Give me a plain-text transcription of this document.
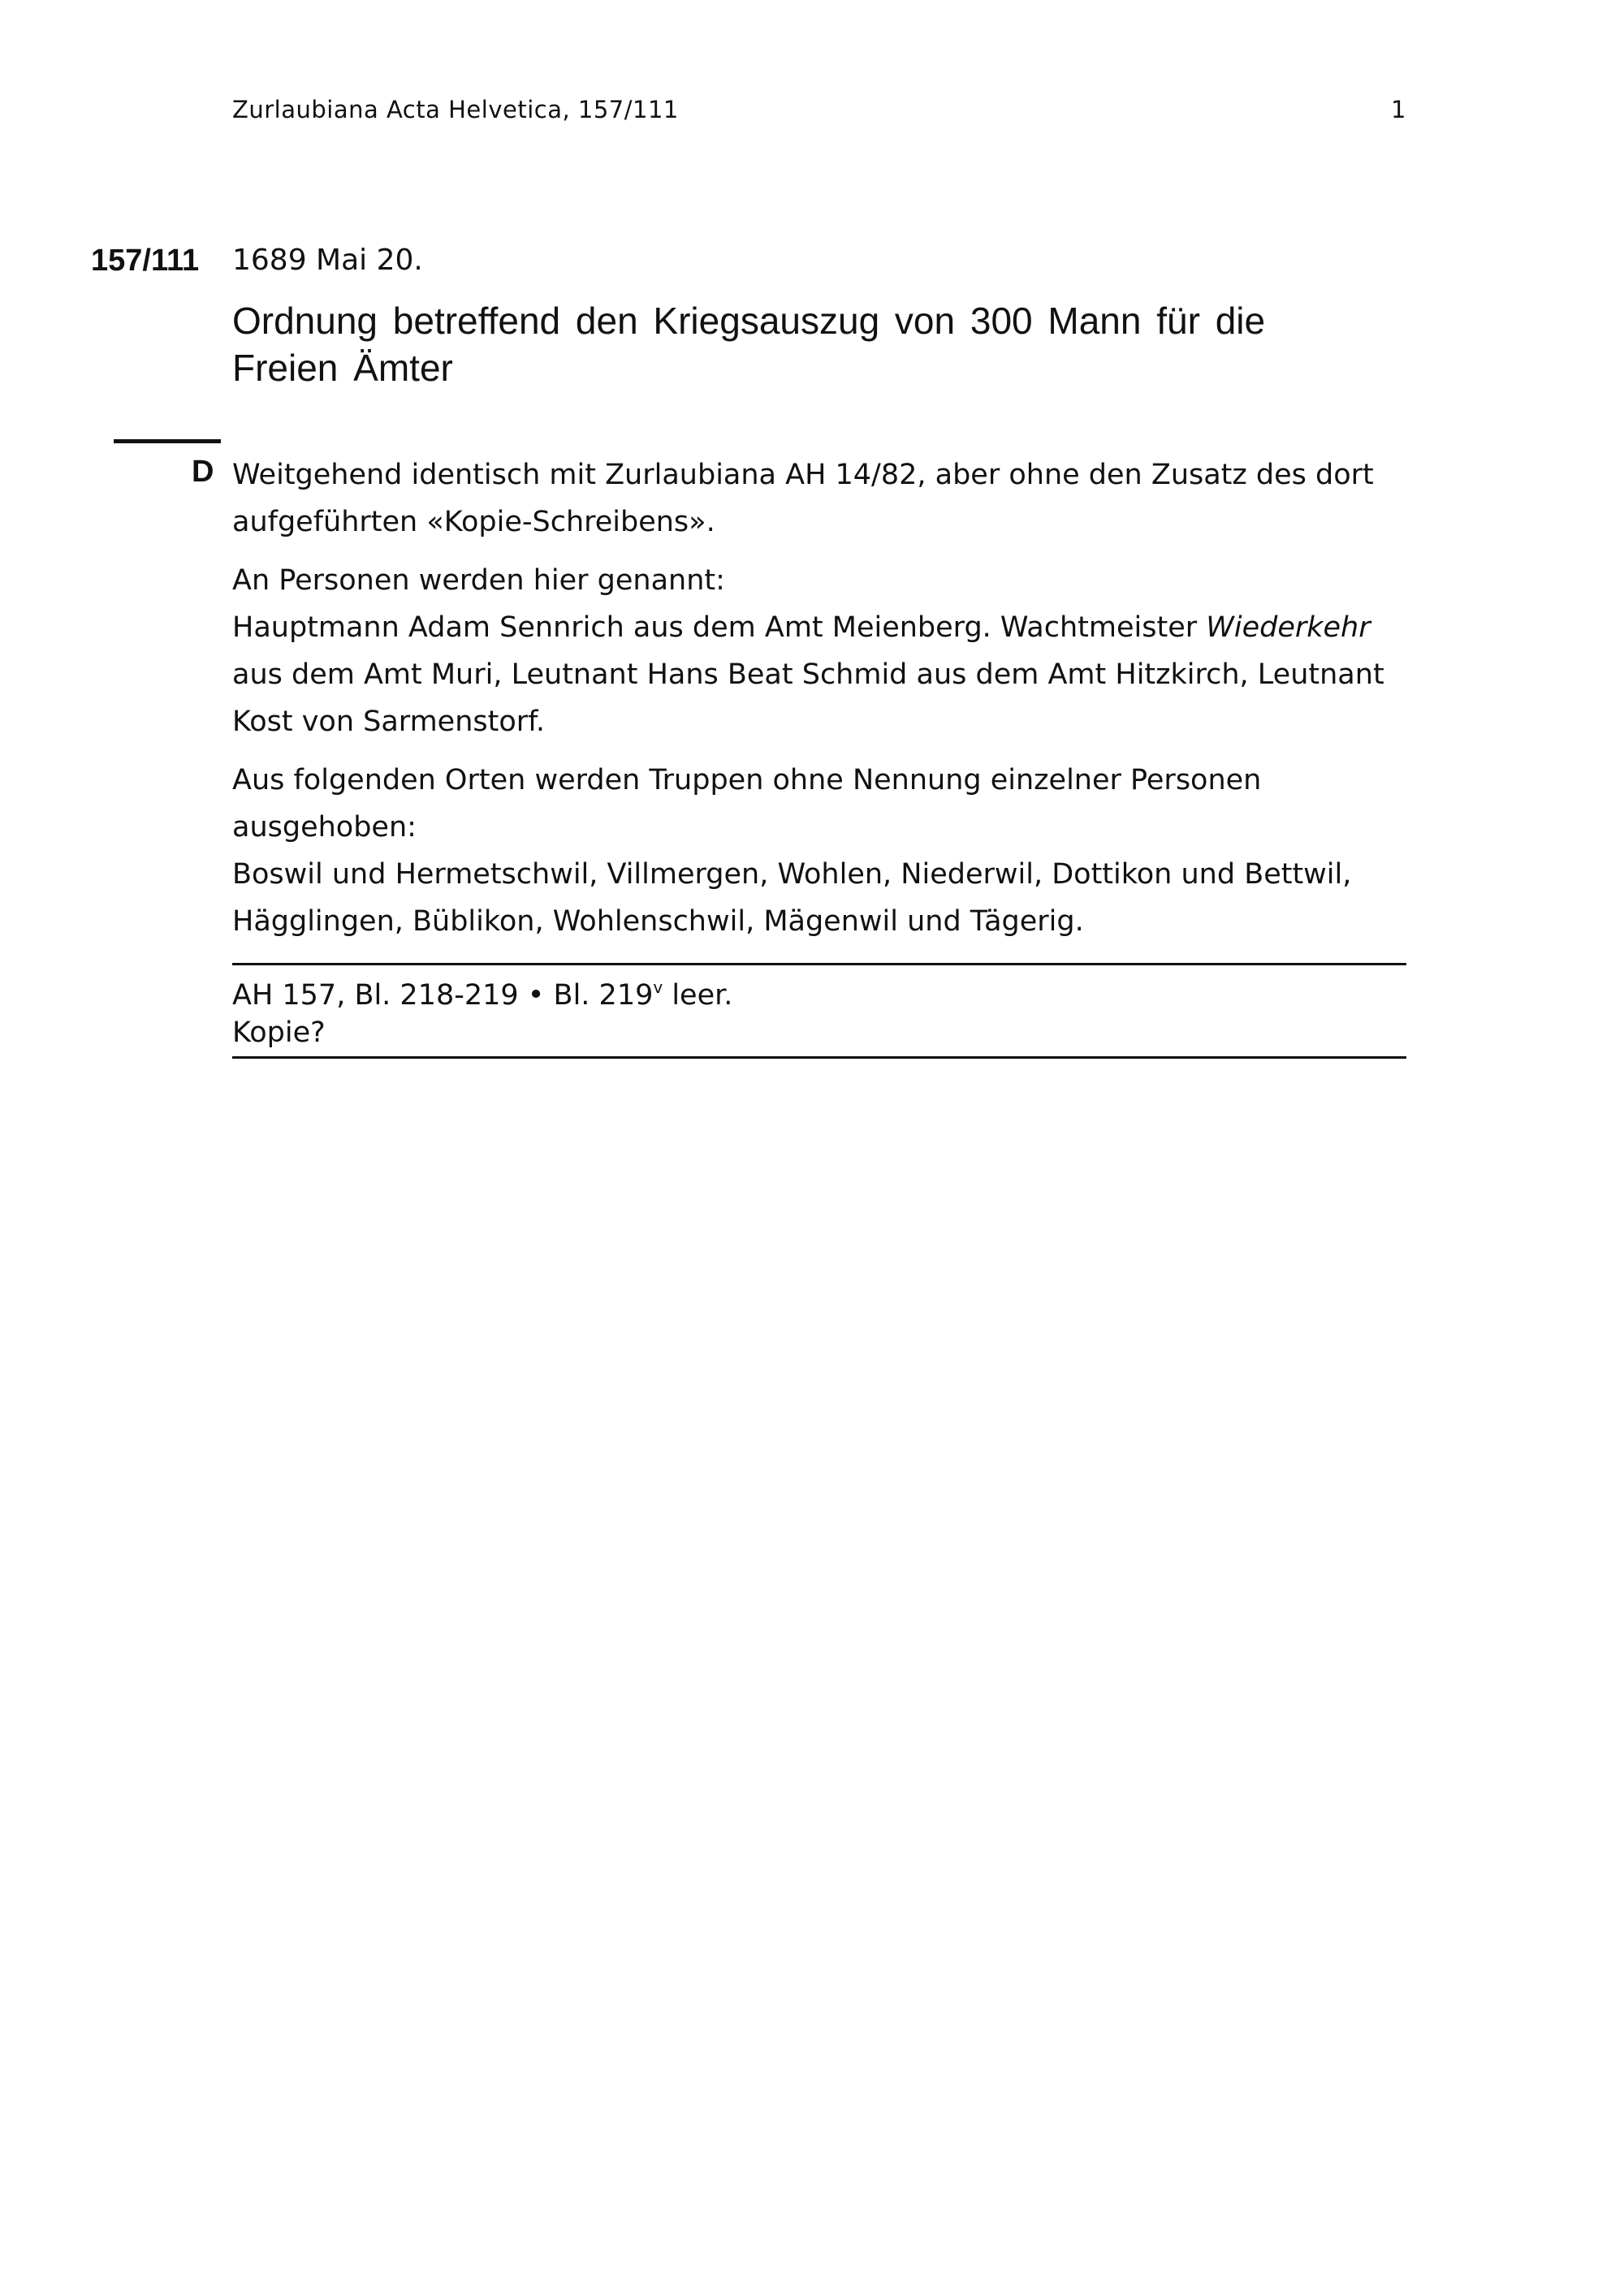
Zurlaubiana Acta Helvetica, 157/111	1
157/111 1689 Mai 20.
Ordnung betreffend den Kriegsauszug von 300 Mann für die Freien Ämter
D Weitgehend identisch mit Zurlaubiana AH 14/82, aber ohne den Zusatz des dort aufgeführten «Kopie-Schreibens».

An Personen werden hier genannt:
Hauptmann Adam Sennrich aus dem Amt Meienberg. Wachtmeister Wiederkehr aus dem Amt Muri, Leutnant Hans Beat Schmid aus dem Amt Hitzkirch, Leutnant Kost von Sarmenstorf.

Aus folgenden Orten werden Truppen ohne Nennung einzelner Personen ausgehoben:
Boswil und Hermetschwil, Villmergen, Wohlen, Niederwil, Dottikon und Bettwil, Hägglingen, Büblikon, Wohlenschwil, Mägenwil und Tägerig.

AH 157, Bl. 218-219 • Bl. 219$^v$ leer.
Kopie?
